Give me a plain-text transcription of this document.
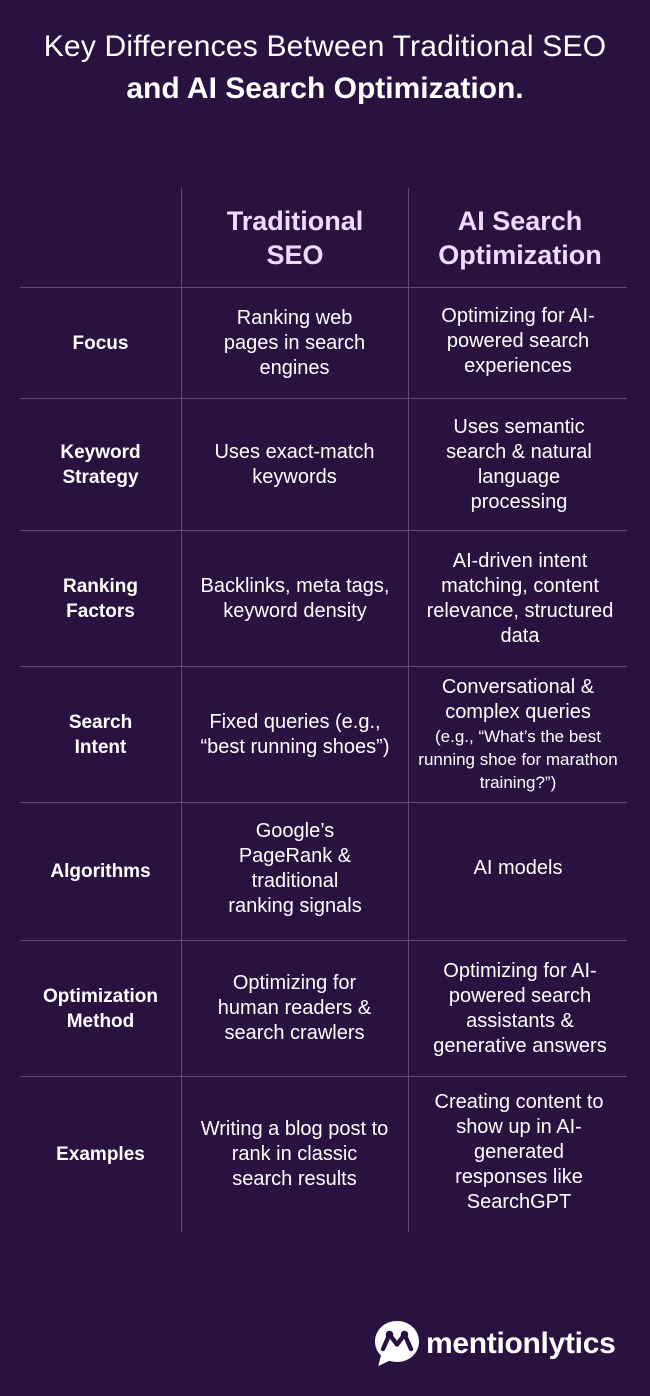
Key Differences Between Traditional SEO
and AI Search Optimization.
Traditional SEO
AI Search Optimization
Focus
Ranking web pages in search engines
Optimizing for AI-powered search experiences
Keyword Strategy
Uses exact-match keywords
Uses semantic search & natural language processing
Ranking Factors
Backlinks, meta tags, keyword density
AI-driven intent matching, content relevance, structured data
Search Intent
Fixed queries (e.g., “best running shoes”)
Conversational & complex queries
(e.g., “What’s the best running shoe for marathon training?”)
Algorithms
Google’s PageRank & traditional ranking signals
AI models
Optimization Method
Optimizing for human readers & search crawlers
Optimizing for AI-powered search assistants & generative answers
Examples
Writing a blog post to rank in classic search results
Creating content to show up in AI-generated responses like SearchGPT
mentionlytics
